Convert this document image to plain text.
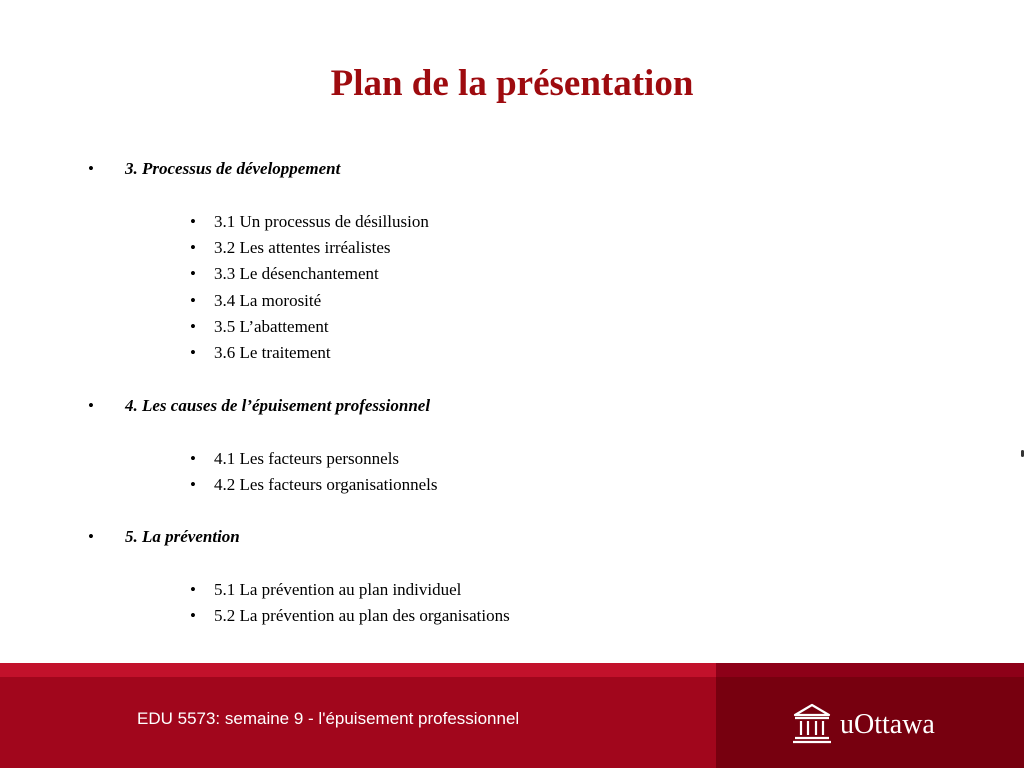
Plan de la présentation
• 3. Processus de développement
• 3.1 Un processus de désillusion
• 3.2 Les attentes irréalistes
• 3.3 Le désenchantement
• 3.4 La morosité
• 3.5 L’abattement
• 3.6 Le traitement
• 4. Les causes de l’épuisement professionnel
• 4.1 Les facteurs personnels
• 4.2 Les facteurs organisationnels
• 5. La prévention
• 5.1 La prévention au plan individuel
• 5.2 La prévention au plan des organisations
EDU 5573: semaine 9 - l'épuisement professionnel	uOttawa
